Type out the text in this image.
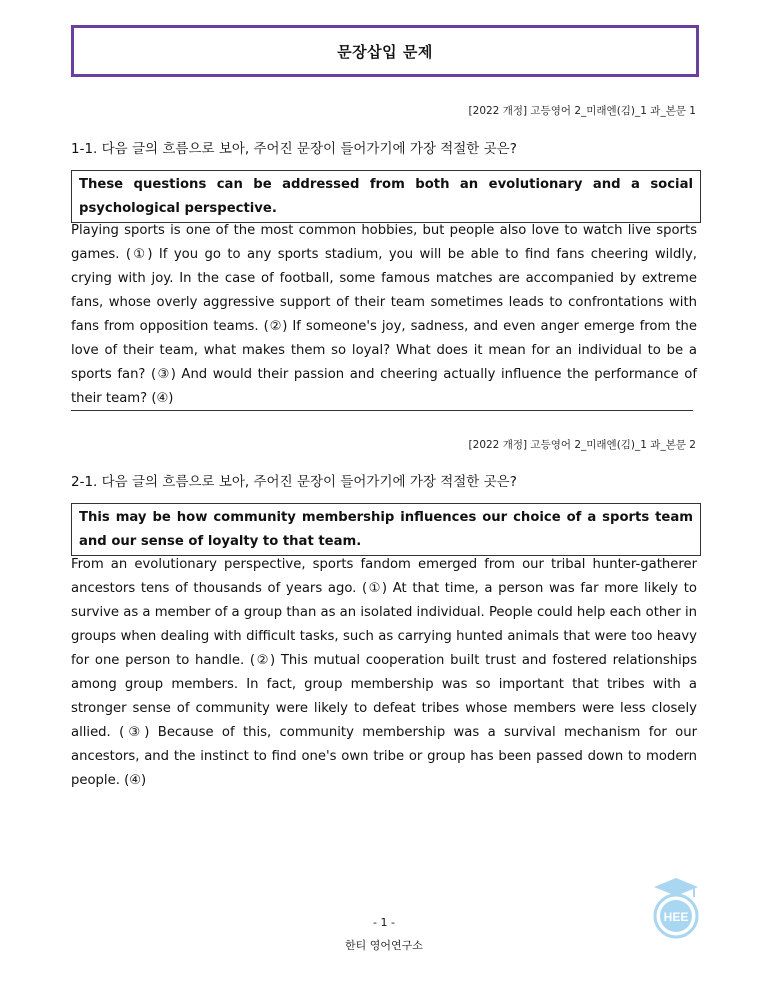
문장삽입 문제
[2022 개정] 고등영어 2_미래엔(김)_1 과_본문 1
1-1. 다음 글의 흐름으로 보아, 주어진 문장이 들어가기에 가장 적절한 곳은?
These questions can be addressed from both an evolutionary and a social psychological perspective.
Playing sports is one of the most common hobbies, but people also love to watch live sports games. (①) If you go to any sports stadium, you will be able to find fans cheering wildly, crying with joy. In the case of football, some famous matches are accompanied by extreme fans, whose overly aggressive support of their team sometimes leads to confrontations with fans from opposition teams. (②) If someone's joy, sadness, and even anger emerge from the love of their team, what makes them so loyal? What does it mean for an individual to be a sports fan? (③) And would their passion and cheering actually influence the performance of their team? (④)
[2022 개정] 고등영어 2_미래엔(김)_1 과_본문 2
2-1. 다음 글의 흐름으로 보아, 주어진 문장이 들어가기에 가장 적절한 곳은?
This may be how community membership influences our choice of a sports team and our sense of loyalty to that team.
From an evolutionary perspective, sports fandom emerged from our tribal hunter-gatherer ancestors tens of thousands of years ago. (①) At that time, a person was far more likely to survive as a member of a group than as an isolated individual. People could help each other in groups when dealing with difficult tasks, such as carrying hunted animals that were too heavy for one person to handle. (②) This mutual cooperation built trust and fostered relationships among group members. In fact, group membership was so important that tribes with a stronger sense of community were likely to defeat tribes whose members were less closely allied. (③) Because of this, community membership was a survival mechanism for our ancestors, and the instinct to find one's own tribe or group has been passed down to modern people. (④)
- 1 -
한티 영어연구소
HEE
